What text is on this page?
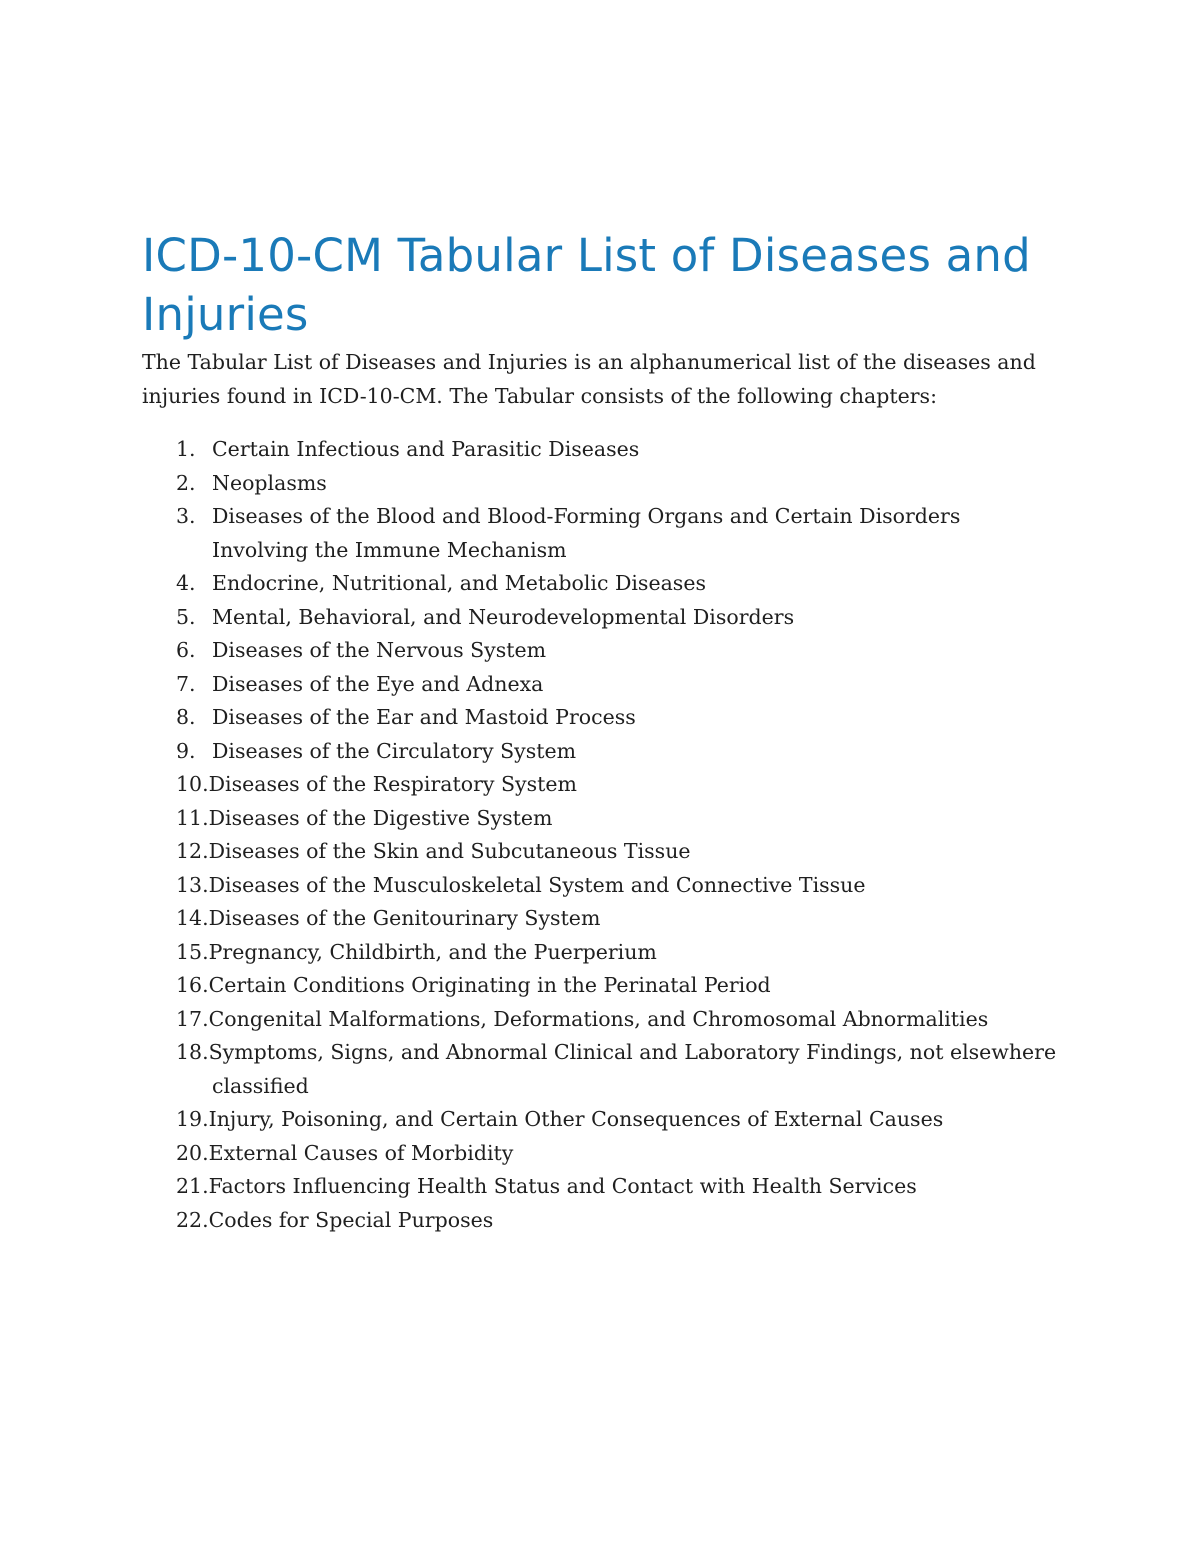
ICD-10-CM Tabular List of Diseases and Injuries

The Tabular List of Diseases and Injuries is an alphanumerical list of the diseases and injuries found in ICD-10-CM. The Tabular consists of the following chapters:

1. Certain Infectious and Parasitic Diseases
2. Neoplasms
3. Diseases of the Blood and Blood-Forming Organs and Certain Disorders Involving the Immune Mechanism
4. Endocrine, Nutritional, and Metabolic Diseases
5. Mental, Behavioral, and Neurodevelopmental Disorders
6. Diseases of the Nervous System
7. Diseases of the Eye and Adnexa
8. Diseases of the Ear and Mastoid Process
9. Diseases of the Circulatory System
10.Diseases of the Respiratory System
11.Diseases of the Digestive System
12.Diseases of the Skin and Subcutaneous Tissue
13.Diseases of the Musculoskeletal System and Connective Tissue
14.Diseases of the Genitourinary System
15.Pregnancy, Childbirth, and the Puerperium
16.Certain Conditions Originating in the Perinatal Period
17.Congenital Malformations, Deformations, and Chromosomal Abnormalities
18.Symptoms, Signs, and Abnormal Clinical and Laboratory Findings, not elsewhere classified
19.Injury, Poisoning, and Certain Other Consequences of External Causes
20.External Causes of Morbidity
21.Factors Influencing Health Status and Contact with Health Services
22.Codes for Special Purposes
